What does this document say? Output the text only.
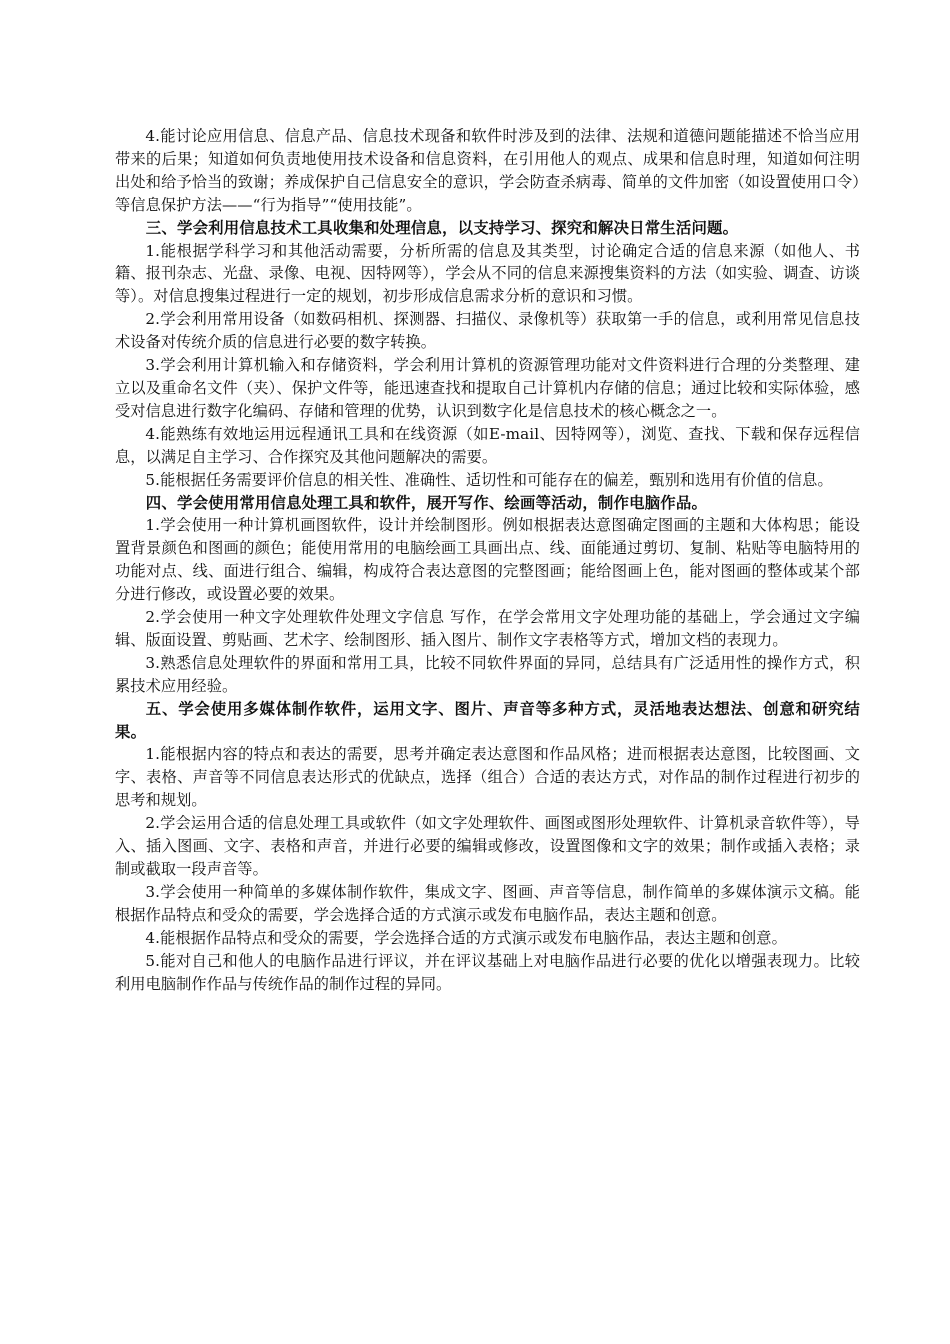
4.能讨论应用信息、信息产品、信息技术现备和软件时涉及到的法律、法规和道德问题能描述不恰当应用带来的后果；知道如何负责地使用技术设备和信息资料，在引用他人的观点、成果和信息时理，知道如何注明出处和给予恰当的致谢；养成保护自己信息安全的意识，学会防查杀病毒、简单的文件加密（如设置使用口令）等信息保护方法——“行为指导”“使用技能”。

三、学会利用信息技术工具收集和处理信息，以支持学习、探究和解决日常生活问题。

1.能根据学科学习和其他活动需要，分析所需的信息及其类型，讨论确定合适的信息来源（如他人、书籍、报刊杂志、光盘、录像、电视、因特网等），学会从不同的信息来源搜集资料的方法（如实验、调查、访谈等）。对信息搜集过程进行一定的规划，初步形成信息需求分析的意识和习惯。

2.学会利用常用设备（如数码相机、探测器、扫描仪、录像机等）获取第一手的信息，或利用常见信息技术设备对传统介质的信息进行必要的数字转换。

3.学会利用计算机输入和存储资料，学会利用计算机的资源管理功能对文件资料进行合理的分类整理、建立以及重命名文件（夹）、保护文件等，能迅速查找和提取自己计算机内存储的信息；通过比较和实际体验，感受对信息进行数字化编码、存储和管理的优势，认识到数字化是信息技术的核心概念之一。

4.能熟练有效地运用远程通讯工具和在线资源（如E-mail、因特网等），浏览、查找、下载和保存远程信息，以满足自主学习、合作探究及其他问题解决的需要。

5.能根据任务需要评价信息的相关性、准确性、适切性和可能存在的偏差，甄别和选用有价值的信息。

四、学会使用常用信息处理工具和软件，展开写作、绘画等活动，制作电脑作品。

1.学会使用一种计算机画图软件，设计并绘制图形。例如根据表达意图确定图画的主题和大体构思；能设置背景颜色和图画的颜色；能使用常用的电脑绘画工具画出点、线、面能通过剪切、复制、粘贴等电脑特用的功能对点、线、面进行组合、编辑，构成符合表达意图的完整图画；能给图画上色，能对图画的整体或某个部分进行修改，或设置必要的效果。

2.学会使用一种文字处理软件处理文字信息 写作，在学会常用文字处理功能的基础上，学会通过文字编辑、版面设置、剪贴画、艺术字、绘制图形、插入图片、制作文字表格等方式，增加文档的表现力。

3.熟悉信息处理软件的界面和常用工具，比较不同软件界面的异同，总结具有广泛适用性的操作方式，积累技术应用经验。

五、学会使用多媒体制作软件，运用文字、图片、声音等多种方式，灵活地表达想法、创意和研究结果。

1.能根据内容的特点和表达的需要，思考并确定表达意图和作品风格；进而根据表达意图，比较图画、文字、表格、声音等不同信息表达形式的优缺点，选择（组合）合适的表达方式，对作品的制作过程进行初步的思考和规划。

2.学会运用合适的信息处理工具或软件（如文字处理软件、画图或图形处理软件、计算机录音软件等），导入、插入图画、文字、表格和声音，并进行必要的编辑或修改，设置图像和文字的效果；制作或插入表格；录制或截取一段声音等。

3.学会使用一种简单的多媒体制作软件，集成文字、图画、声音等信息，制作简单的多媒体演示文稿。能根据作品特点和受众的需要，学会选择合适的方式演示或发布电脑作品，表达主题和创意。

4.能根据作品特点和受众的需要，学会选择合适的方式演示或发布电脑作品，表达主题和创意。

5.能对自己和他人的电脑作品进行评议，并在评议基础上对电脑作品进行必要的优化以增强表现力。比较利用电脑制作作品与传统作品的制作过程的异同。
